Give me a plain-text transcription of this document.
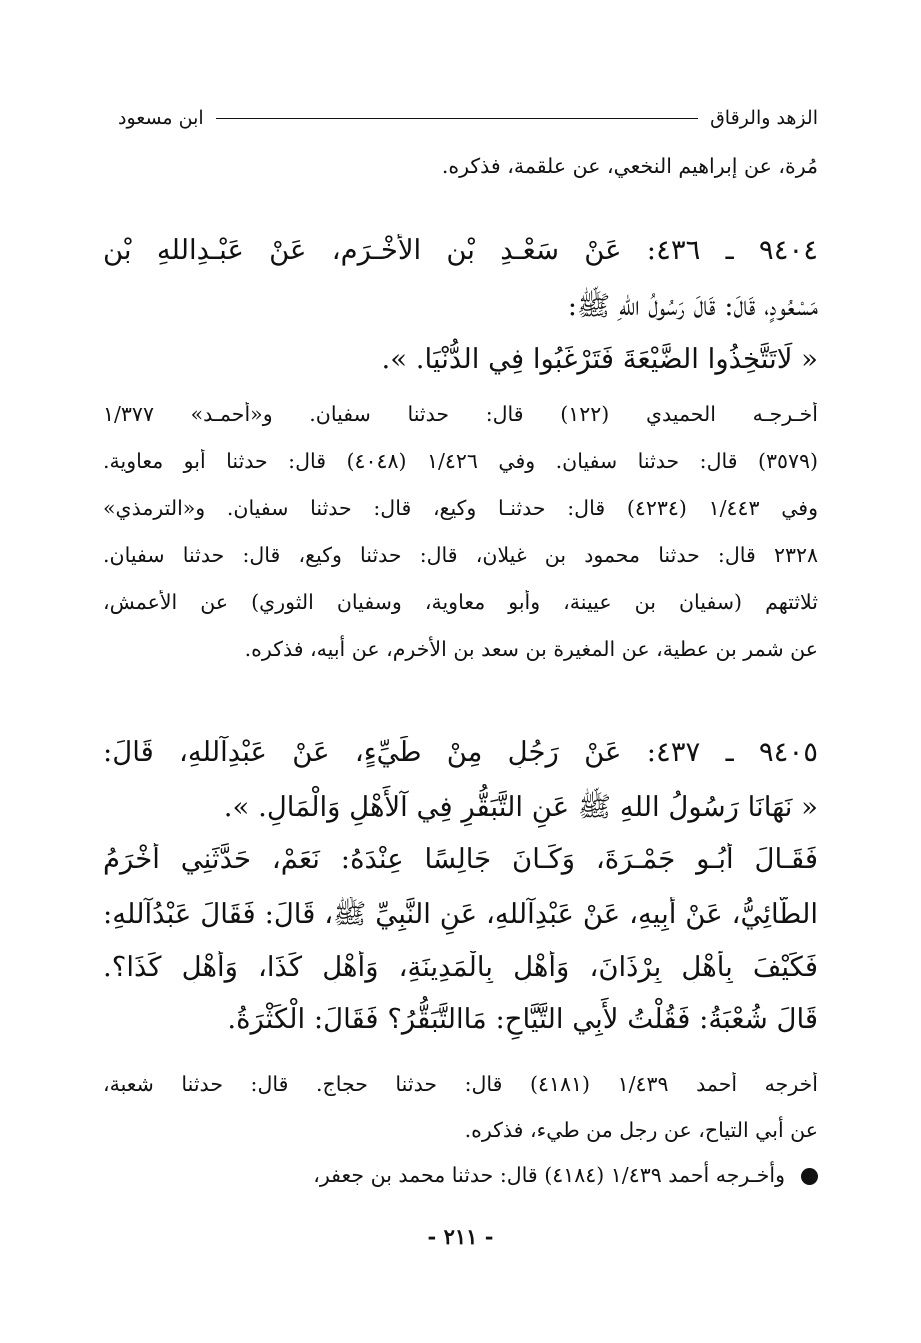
الزهد والرقاق
ابن مسعود
مُرة، عن إبراهيم النخعي، عن علقمة، فذكره.
٩٤٠٤ ـ ٤٣٦: عَنْ سَعْـدِ بْنِ الأَخْـرَمِ، عَنْ عَبْـدِاللهِ بْنِ
مَسْعُودٍ، قَالَ: قَالَ رَسُولُ اللهِ ﷺ:
« لَاتَتَّخِذُوا الضَّيْعَةَ فَتَرْغَبُوا فِي الدُّنْيَا. ».
أخـرجـه الحميدي (١٢٢) قال: حدثنا سفيان. و«أحمـد» ١/٣٧٧
(٣٥٧٩) قال: حدثنا سفيان. وفي ١/٤٢٦ (٤٠٤٨) قال: حدثنا أبو معاوية.
وفي ١/٤٤٣ (٤٢٣٤) قال: حدثنـا وكيع، قال: حدثنا سفيان. و«الترمذي»
٢٣٢٨ قال: حدثنا محمود بن غيلان، قال: حدثنا وكيع، قال: حدثنا سفيان.
ثلاثتهم (سفيان بن عيينة، وأبو معاوية، وسفيان الثوري) عن الأعمش،
عن شمر بن عطية، عن المغيرة بن سعد بن الأخرم، عن أبيه، فذكره.
٩٤٠٥ ـ ٤٣٧: عَنْ رَجُلٍ مِنْ طَيِّءٍ، عَنْ عَبْدِآللهِ، قَالَ:
« نَهَانَا رَسُولُ اللهِ ﷺ عَنِ التَّبَقُّرِ فِي آلأَهْلِ وَالْمَالِ. ».
فَقَـالَ أَبُـو جَمْـرَةَ، وَكَـانَ جَالِسًا عِنْدَهُ: نَعَمْ، حَدَّثَنِي أَخْرَمُ
الطَّائِيُّ، عَنْ أَبِيهِ، عَنْ عَبْدِآللهِ، عَنِ النَّبِيِّ ﷺ، قَالَ: فَقَالَ عَبْدُآللهِ:
فَكَيْفَ بِأَهْلِ بِرْذَانَ، وَأَهْلِ بِالْمَدِينَةِ، وَأَهْلِ كَذَا، وَأَهْلِ كَذَا؟.
قَالَ شُعْبَةُ: فَقُلْتُ لأَبِي التَّيَّاحِ: مَاالتَّبَقُّرُ؟ فَقَالَ: الْكَثْرَةُ.
أخرجه أحمد ١/٤٣٩ (٤١٨١) قال: حدثنا حجاج. قال: حدثنا شعبة،
عن أبي التياح، عن رجل من طيء، فذكره.
وأخـرجه أحمد ١/٤٣٩ (٤١٨٤) قال: حدثنا محمد بن جعفر،
- ٢١١ -
